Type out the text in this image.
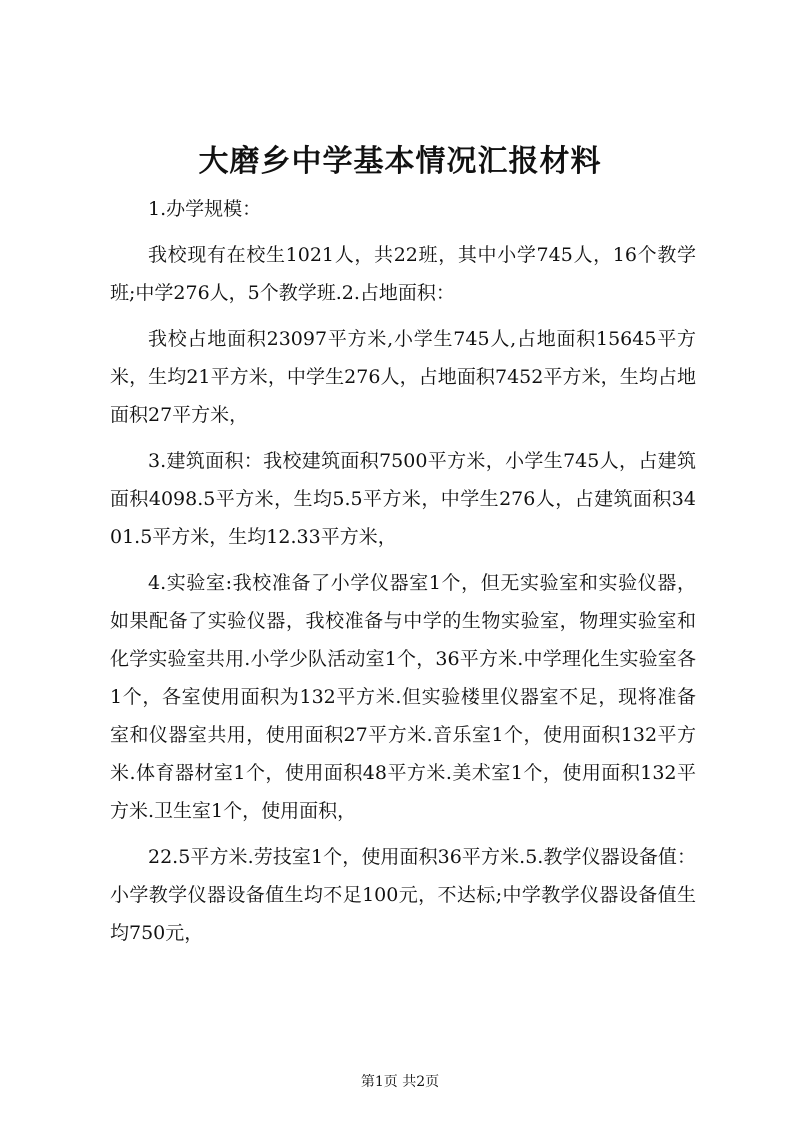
大磨乡中学基本情况汇报材料

1.办学规模：

我校现有在校生1021人，共22班，其中小学745人，16个教学班;中学276人，5个教学班.2.占地面积：

我校占地面积23097平方米,小学生745人,占地面积15645平方米，生均21平方米，中学生276人，占地面积7452平方米，生均占地面积27平方米，

3.建筑面积：我校建筑面积7500平方米，小学生745人，占建筑面积4098.5平方米，生均5.5平方米，中学生276人，占建筑面积3401.5平方米，生均12.33平方米，

4.实验室:我校准备了小学仪器室1个，但无实验室和实验仪器，如果配备了实验仪器，我校准备与中学的生物实验室，物理实验室和化学实验室共用.小学少队活动室1个，36平方米.中学理化生实验室各1个，各室使用面积为132平方米.但实验楼里仪器室不足，现将准备室和仪器室共用，使用面积27平方米.音乐室1个，使用面积132平方米.体育器材室1个，使用面积48平方米.美术室1个，使用面积132平方米.卫生室1个，使用面积，

22.5平方米.劳技室1个，使用面积36平方米.5.教学仪器设备值：小学教学仪器设备值生均不足100元，不达标;中学教学仪器设备值生均750元，

第1页 共2页
